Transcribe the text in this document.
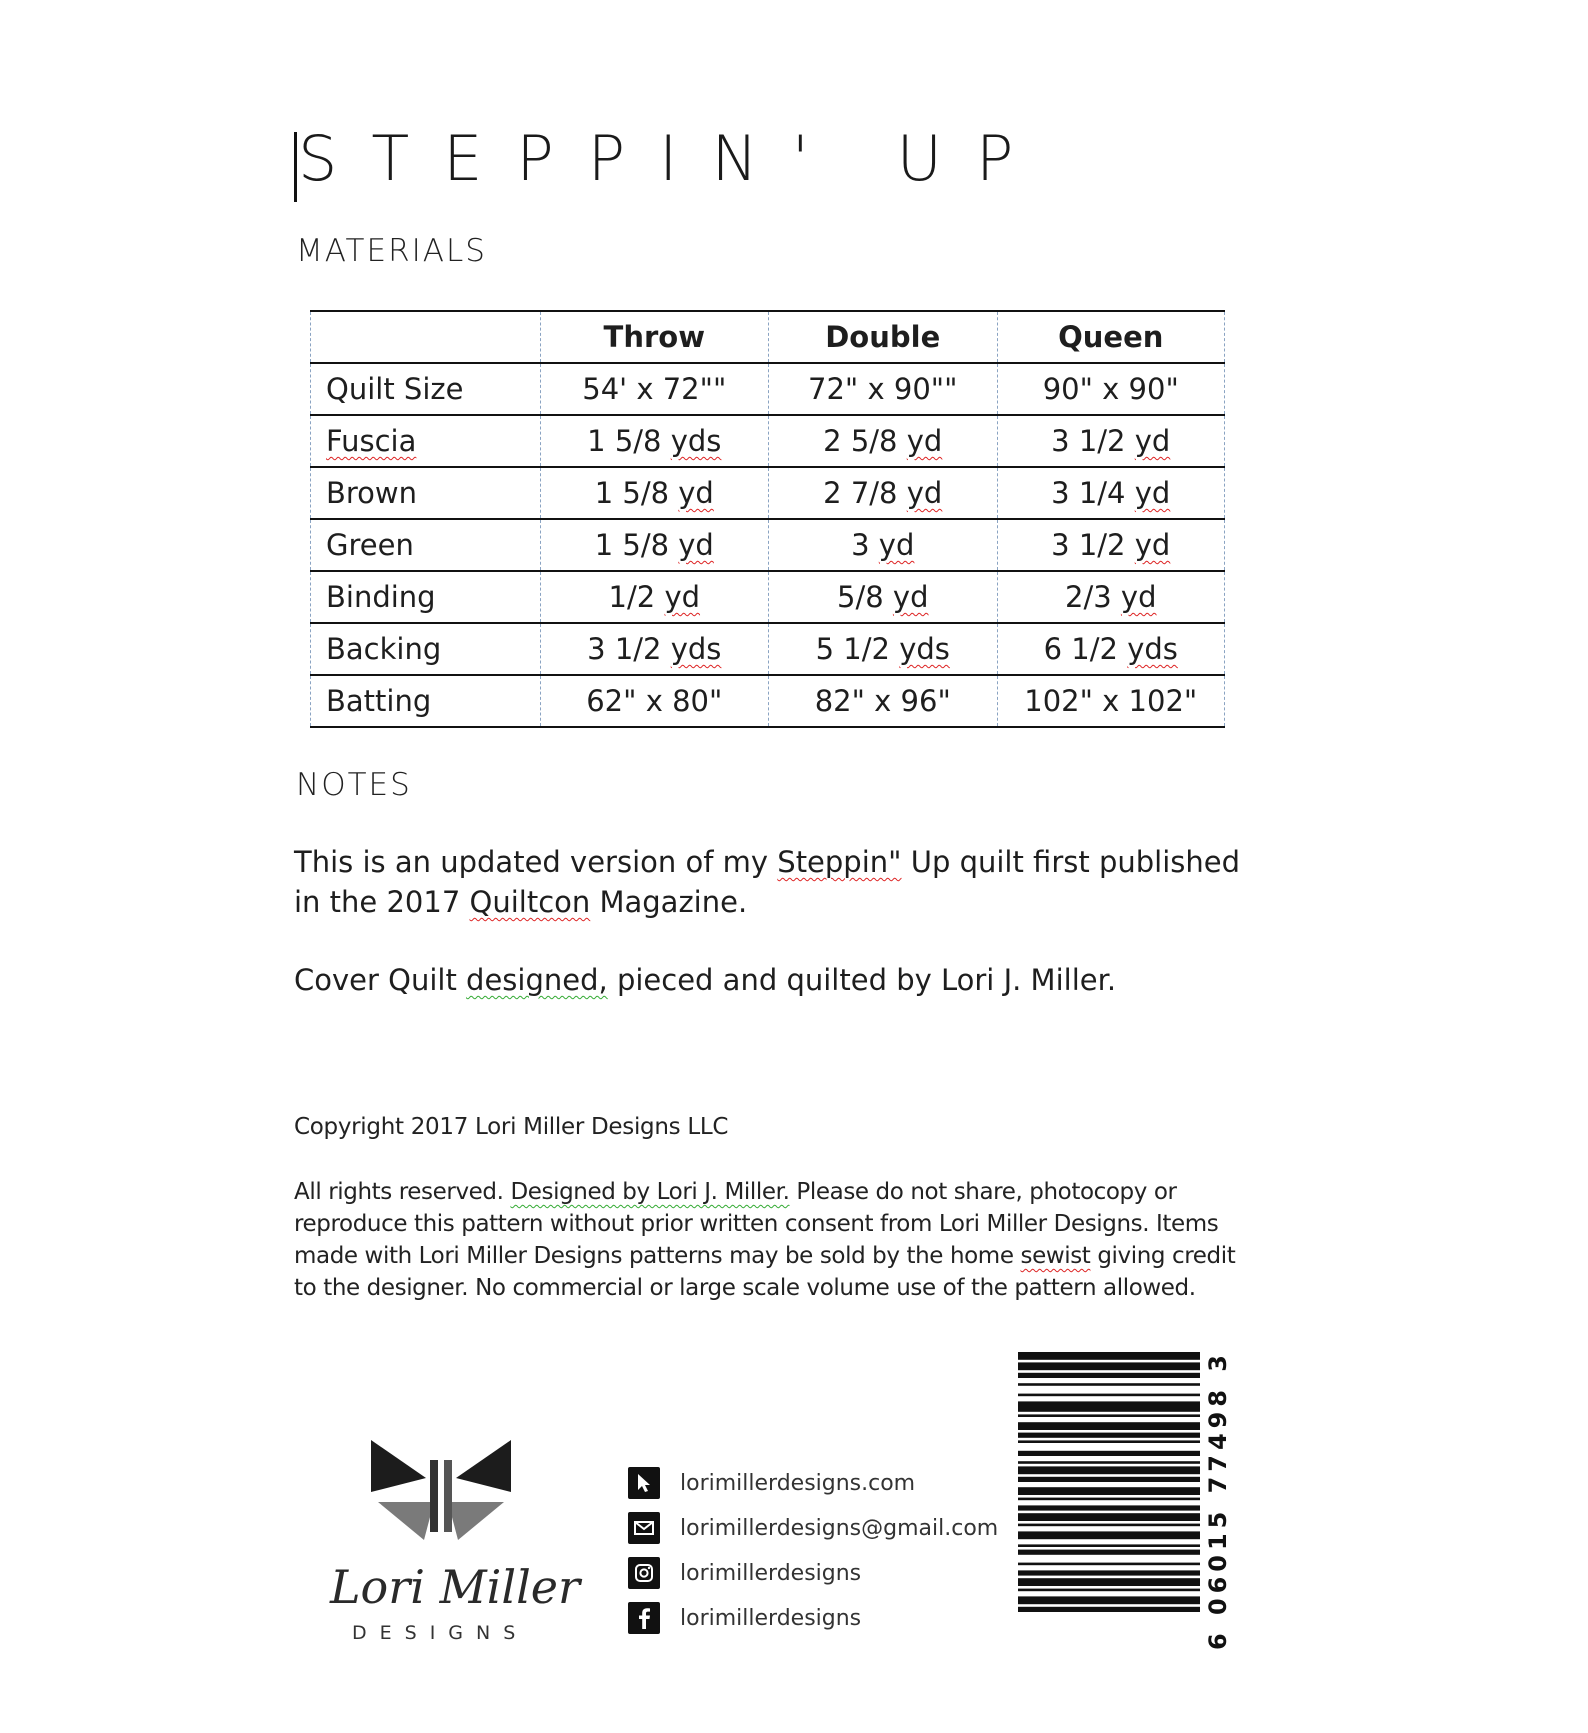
STEPPIN' UP
MATERIALS
	Throw	Double	Queen
Quilt Size	54' x 72""	72" x 90""	90" x 90"
Fuscia	1 5/8 yds	2 5/8 yd	3 1/2 yd
Brown	1 5/8 yd	2 7/8 yd	3 1/4 yd
Green	1 5/8 yd	3 yd	3 1/2 yd
Binding	1/2 yd	5/8 yd	2/3 yd
Backing	3 1/2 yds	5 1/2 yds	6 1/2 yds
Batting	62" x 80"	82" x 96"	102" x 102"
NOTES
This is an updated version of my Steppin" Up quilt first published in the 2017 Quiltcon Magazine.
Cover Quilt designed, pieced and quilted by Lori J. Miller.
Copyright 2017 Lori Miller Designs LLC
All rights reserved. Designed by Lori J. Miller. Please do not share, photocopy or reproduce this pattern without prior written consent from Lori Miller Designs. Items made with Lori Miller Designs patterns may be sold by the home sewist giving credit to the designer. No commercial or large scale volume use of the pattern allowed.
Lori Miller
DESIGNS
lorimillerdesigns.com
lorimillerdesigns@gmail.com
lorimillerdesigns
lorimillerdesigns
6 06015 77498 3
